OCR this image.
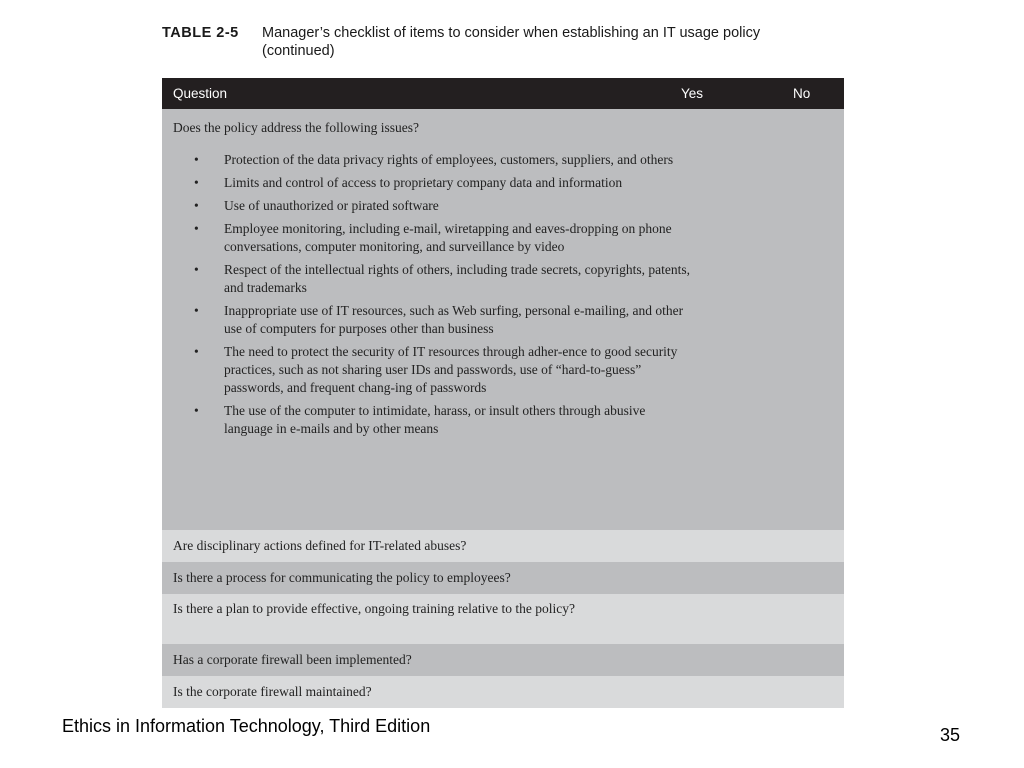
TABLE 2-5	Manager’s checklist of items to consider when establishing an IT usage policy
(continued)
Question	Yes	No
Does the policy address the following issues?
• Protection of the data privacy rights of employees, customers, suppliers, and others
• Limits and control of access to proprietary company data and information
• Use of unauthorized or pirated software
• Employee monitoring, including e-mail, wiretapping and eaves-dropping on phone conversations, computer monitoring, and surveillance by video
• Respect of the intellectual rights of others, including trade secrets, copyrights, patents, and trademarks
• Inappropriate use of IT resources, such as Web surfing, personal e-mailing, and other use of computers for purposes other than business
• The need to protect the security of IT resources through adher-ence to good security practices, such as not sharing user IDs and passwords, use of “hard-to-guess” passwords, and frequent chang-ing of passwords
• The use of the computer to intimidate, harass, or insult others through abusive language in e-mails and by other means
Are disciplinary actions defined for IT-related abuses?
Is there a process for communicating the policy to employees?
Is there a plan to provide effective, ongoing training relative to the policy?
Has a corporate firewall been implemented?
Is the corporate firewall maintained?
Ethics in Information Technology, Third Edition	35
